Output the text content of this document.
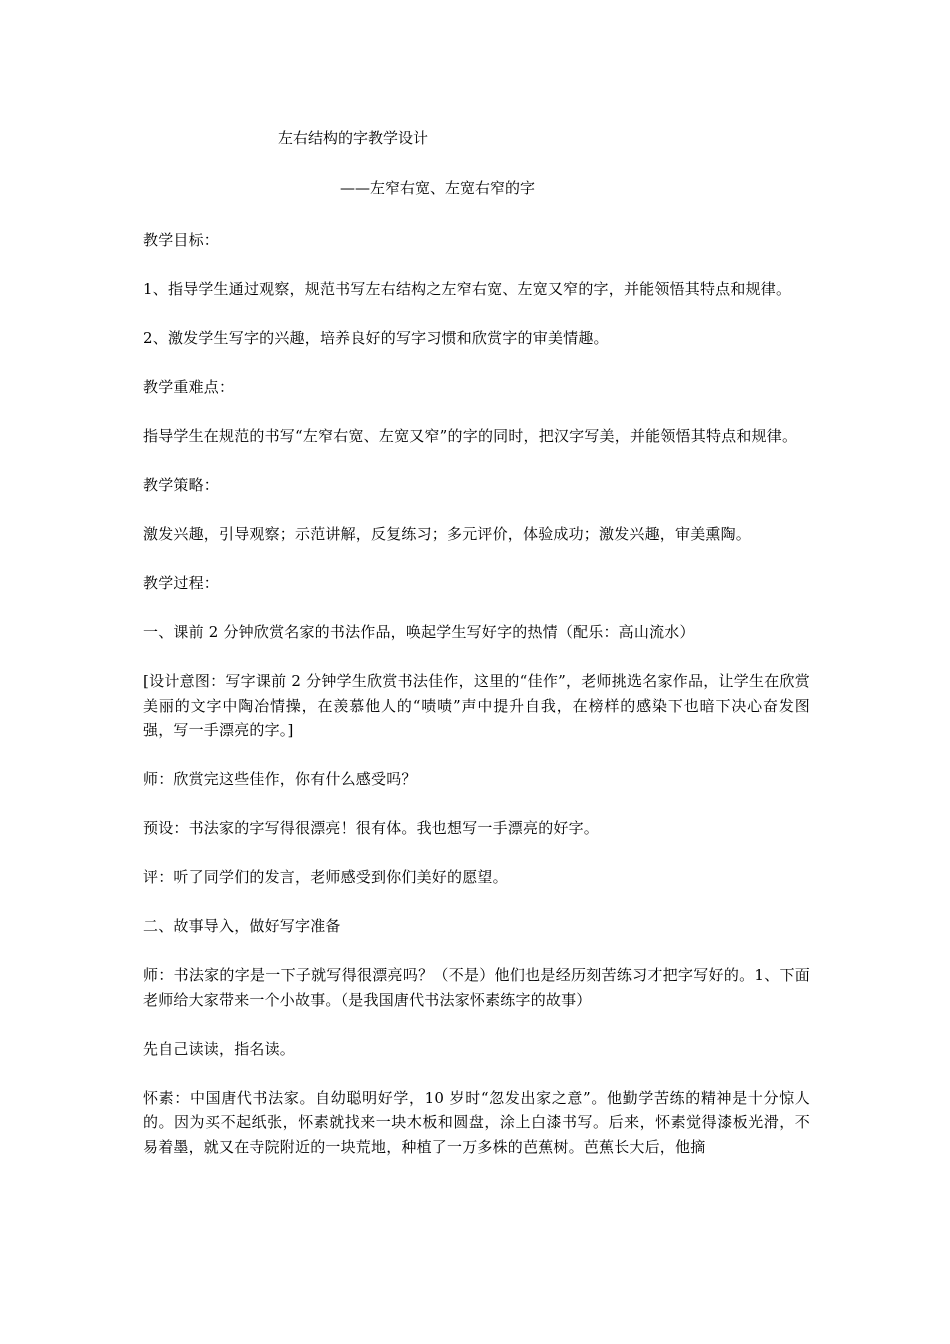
左右结构的字教学设计
——左窄右宽、左宽右窄的字

教学目标：

1、指导学生通过观察，规范书写左右结构之左窄右宽、左宽又窄的字，并能领悟其特点和规律。

2、激发学生写字的兴趣，培养良好的写字习惯和欣赏字的审美情趣。

教学重难点：

指导学生在规范的书写“左窄右宽、左宽又窄”的字的同时，把汉字写美，并能领悟其特点和规律。

教学策略：

激发兴趣，引导观察；示范讲解，反复练习；多元评价，体验成功；激发兴趣，审美熏陶。

教学过程：

一、课前 2 分钟欣赏名家的书法作品，唤起学生写好字的热情（配乐：高山流水）

[设计意图：写字课前 2 分钟学生欣赏书法佳作，这里的“佳作”，老师挑选名家作品，让学生在欣赏美丽的文字中陶冶情操，在羡慕他人的“啧啧”声中提升自我，在榜样的感染下也暗下决心奋发图强，写一手漂亮的字。]

师：欣赏完这些佳作，你有什么感受吗？

预设：书法家的字写得很漂亮！很有体。我也想写一手漂亮的好字。

评：听了同学们的发言，老师感受到你们美好的愿望。

二、故事导入，做好写字准备

师：书法家的字是一下子就写得很漂亮吗？（不是）他们也是经历刻苦练习才把字写好的。1、下面老师给大家带来一个小故事。（是我国唐代书法家怀素练字的故事）

先自己读读，指名读。

怀素：中国唐代书法家。自幼聪明好学，10 岁时“忽发出家之意”。他勤学苦练的精神是十分惊人的。因为买不起纸张，怀素就找来一块木板和圆盘，涂上白漆书写。后来，怀素觉得漆板光滑，不易着墨，就又在寺院附近的一块荒地，种植了一万多株的芭蕉树。芭蕉长大后，他摘
